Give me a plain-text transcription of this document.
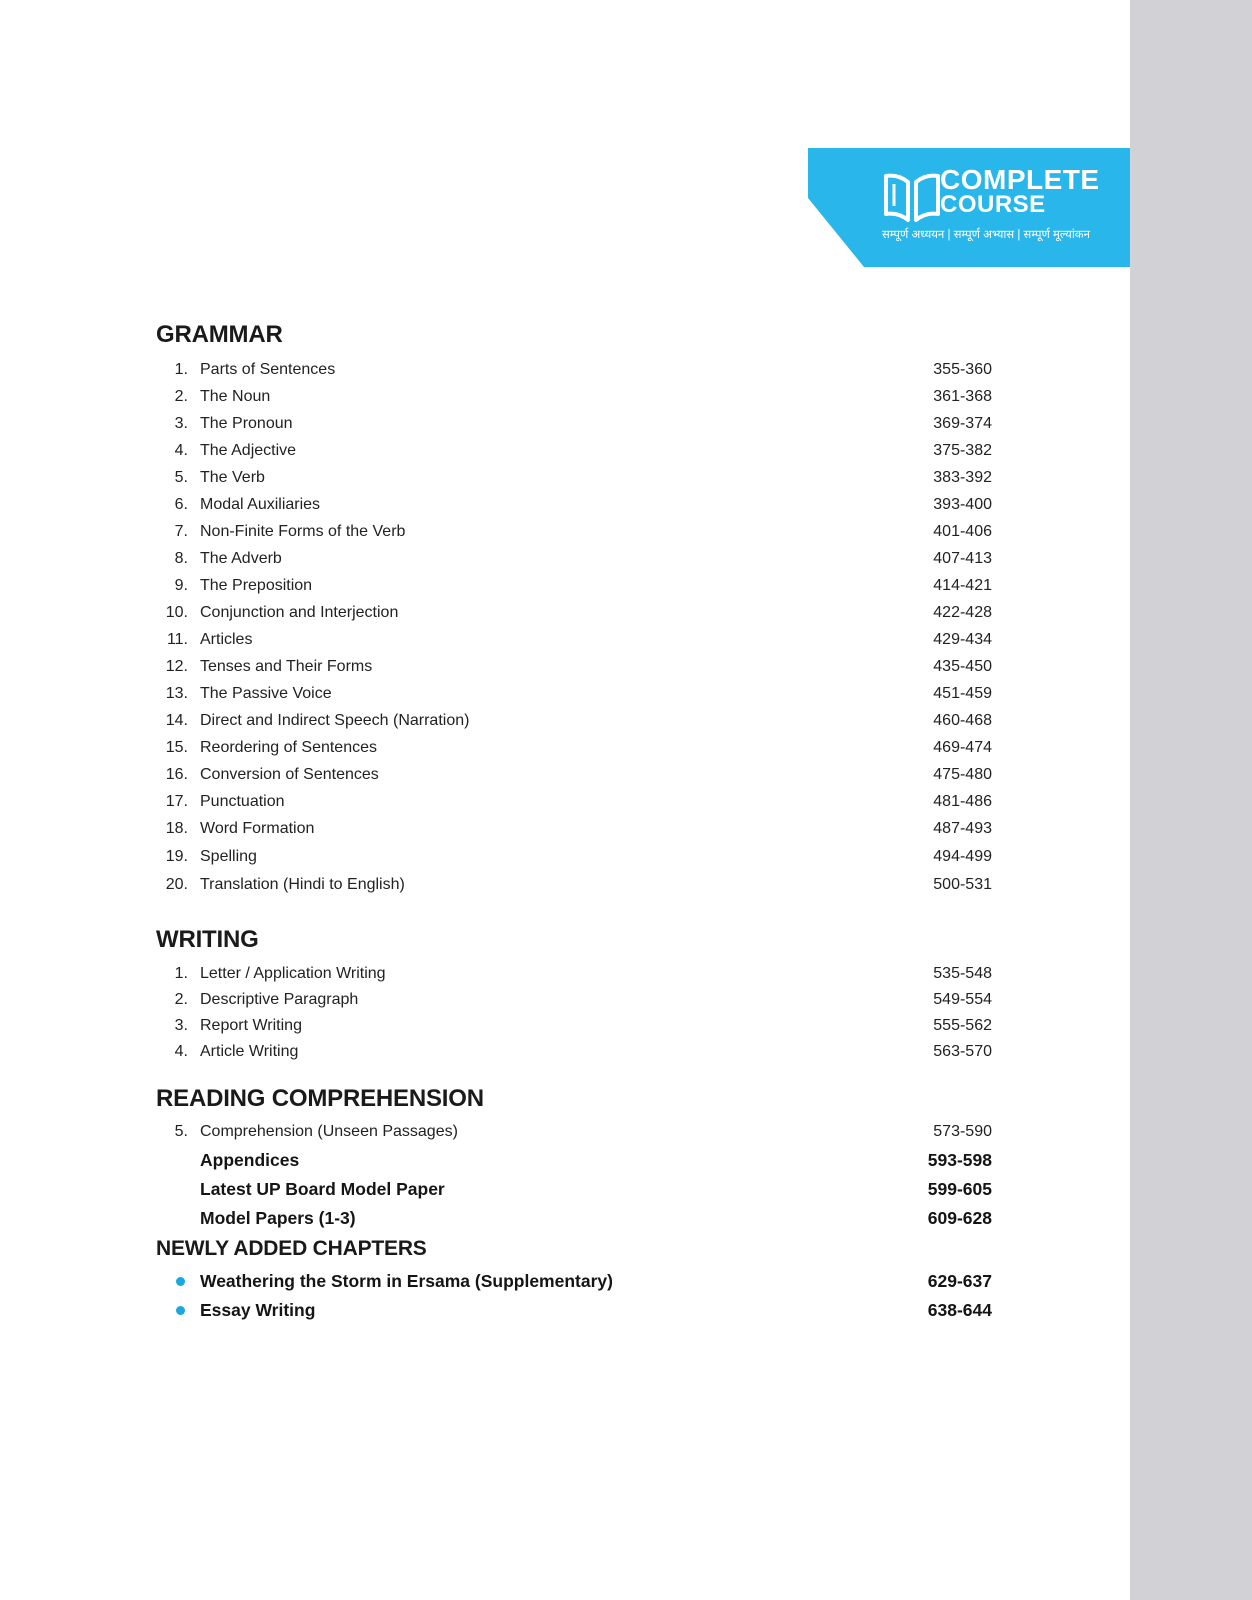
COMPLETE
COURSE
सम्पूर्ण अध्ययन | सम्पूर्ण अभ्यास | सम्पूर्ण मूल्यांकन
GRAMMAR
1. Parts of Sentences	355-360
2. The Noun	361-368
3. The Pronoun	369-374
4. The Adjective	375-382
5. The Verb	383-392
6. Modal Auxiliaries	393-400
7. Non-Finite Forms of the Verb	401-406
8. The Adverb	407-413
9. The Preposition	414-421
10. Conjunction and Interjection	422-428
11. Articles	429-434
12. Tenses and Their Forms	435-450
13. The Passive Voice	451-459
14. Direct and Indirect Speech (Narration)	460-468
15. Reordering of Sentences	469-474
16. Conversion of Sentences	475-480
17. Punctuation	481-486
18. Word Formation	487-493
19. Spelling	494-499
20. Translation (Hindi to English)	500-531
WRITING
1. Letter / Application Writing	535-548
2. Descriptive Paragraph	549-554
3. Report Writing	555-562
4. Article Writing	563-570
READING COMPREHENSION
5. Comprehension (Unseen Passages)	573-590
Appendices	593-598
Latest UP Board Model Paper	599-605
Model Papers (1-3)	609-628
NEWLY ADDED CHAPTERS
Weathering the Storm in Ersama (Supplementary)	629-637
Essay Writing	638-644
